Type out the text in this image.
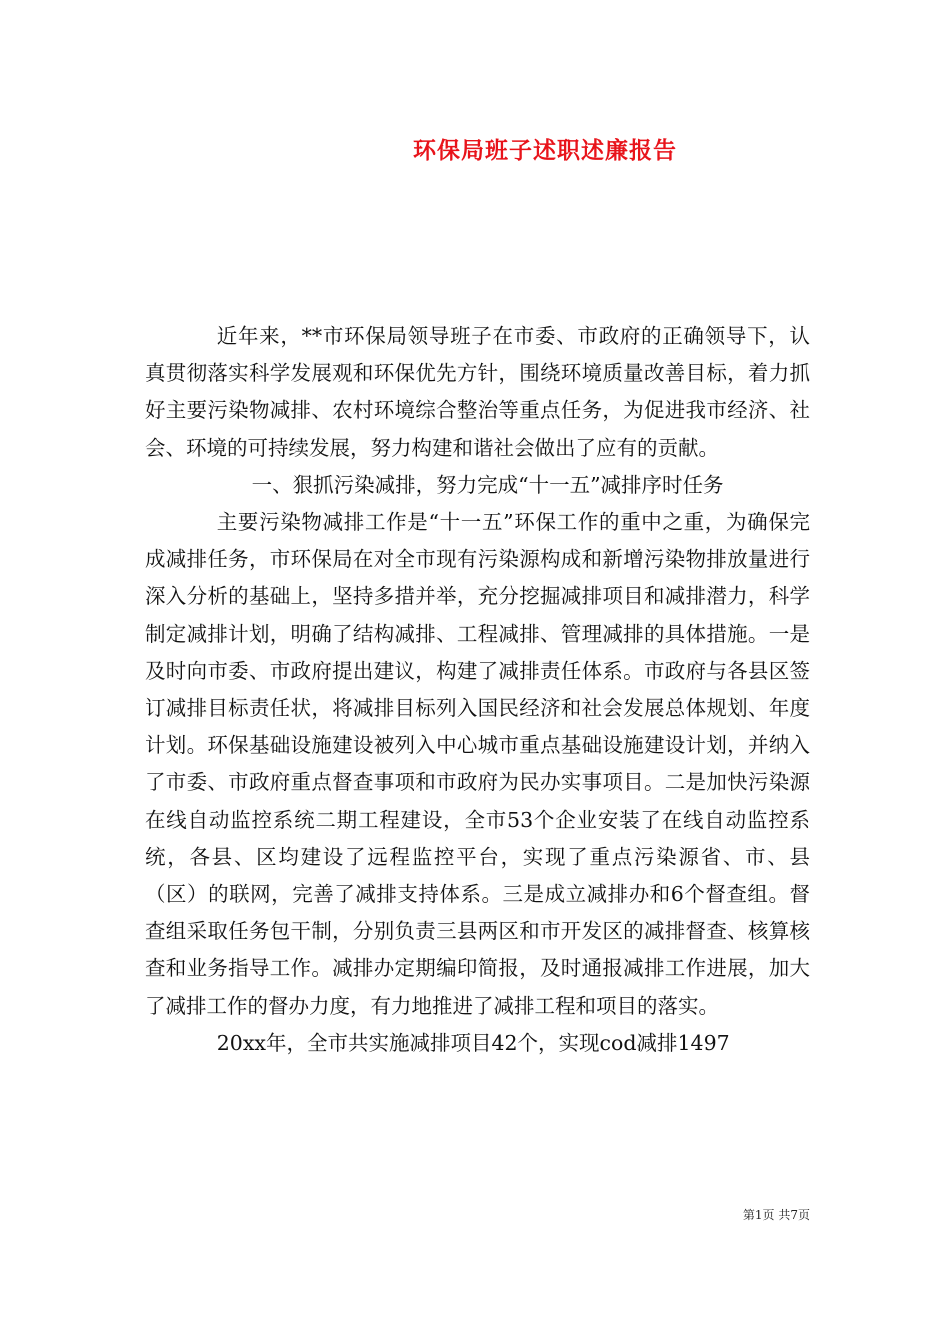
环保局班子述职述廉报告

近年来，**市环保局领导班子在市委、市政府的正确领导下，认真贯彻落实科学发展观和环保优先方针，围绕环境质量改善目标，着力抓好主要污染物减排、农村环境综合整治等重点任务，为促进我市经济、社会、环境的可持续发展，努力构建和谐社会做出了应有的贡献。

一、狠抓污染减排，努力完成“十一五”减排序时任务

主要污染物减排工作是“十一五”环保工作的重中之重，为确保完成减排任务，市环保局在对全市现有污染源构成和新增污染物排放量进行深入分析的基础上，坚持多措并举，充分挖掘减排项目和减排潜力，科学制定减排计划，明确了结构减排、工程减排、管理减排的具体措施。一是及时向市委、市政府提出建议，构建了减排责任体系。市政府与各县区签订减排目标责任状，将减排目标列入国民经济和社会发展总体规划、年度计划。环保基础设施建设被列入中心城市重点基础设施建设计划，并纳入了市委、市政府重点督查事项和市政府为民办实事项目。二是加快污染源在线自动监控系统二期工程建设，全市53个企业安装了在线自动监控系统，各县、区均建设了远程监控平台，实现了重点污染源省、市、县（区）的联网，完善了减排支持体系。三是成立减排办和6个督查组。督查组采取任务包干制，分别负责三县两区和市开发区的减排督查、核算核查和业务指导工作。减排办定期编印简报，及时通报减排工作进展，加大了减排工作的督办力度，有力地推进了减排工程和项目的落实。

20xx年，全市共实施减排项目42个，实现cod减排1497

第1页 共7页
